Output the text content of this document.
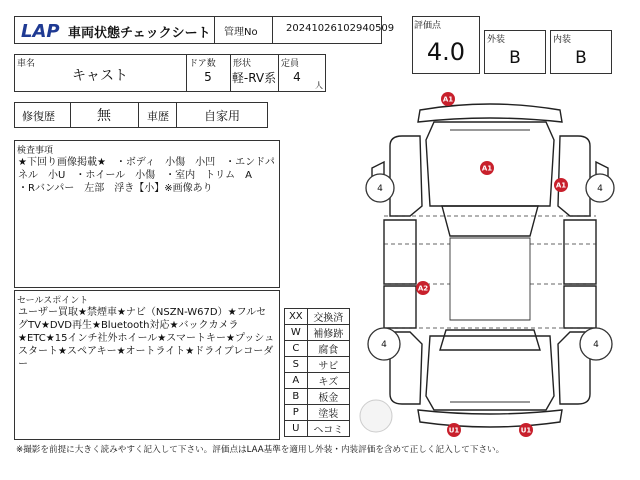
LAP 車両状態チェックシート 管理No	20241026102940509 評価点
4.0	外装
B
内装
B
車名
キャスト
ドア数
5
形状
軽-RV系
定員
4
人
修復歴	無	車歴	自家用
検査事項
★下回り画像掲載★　・ボディ　小傷　小凹　・エンドパネル　小U　・ホイール　小傷　・室内　トリム　A
・Rバンパー　左部　浮き【小】※画像あり
セールスポイント
ユーザー買取★禁煙車★ナビ（NSZN-W67D）★フルセグTV★DVD再生★Bluetooth対応★バックカメラ★ETC★15インチ社外ホイール★スマートキー★プッシュスタート★スペアキー★オートライト★ドライブレコーダー
XX	交換済
W	補修跡
C	腐食
S	サビ
A	キズ
B	板金
P	塗装
U	ヘコミ
4	4
4	4
A1
A1
A1
A2
U1	U1
※撮影を前提に大きく読みやすく記入して下さい。評価点はLAA基準を適用し外装・内装評価を含めて正しく記入して下さい。
